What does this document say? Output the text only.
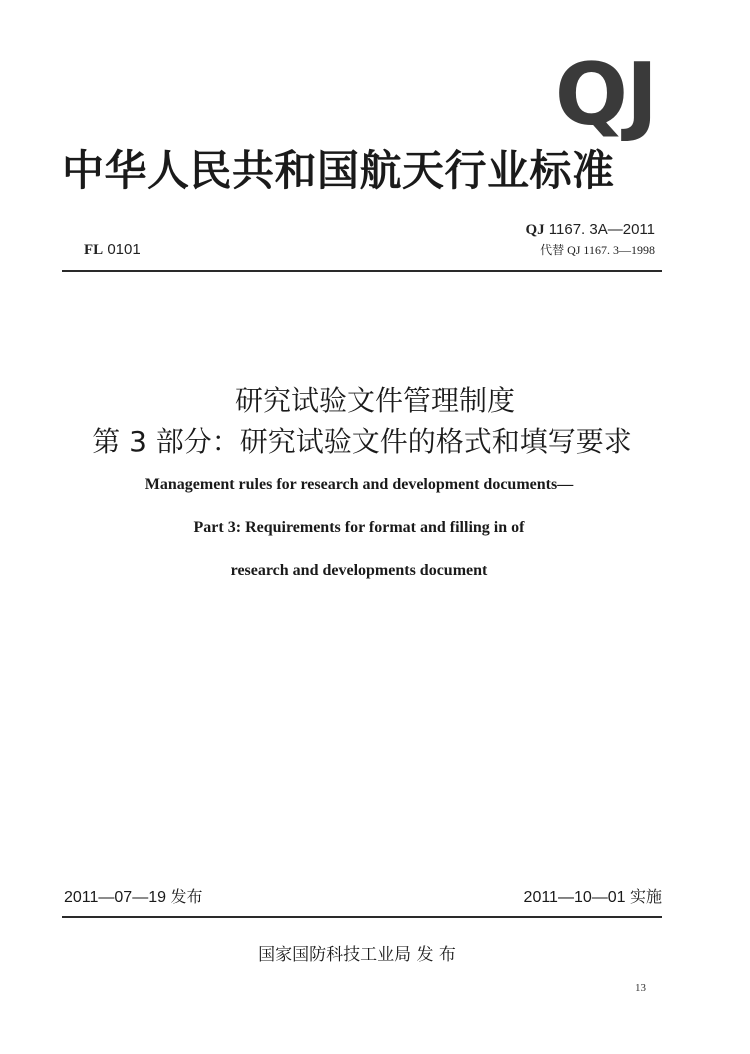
QJ
中华人民共和国航天行业标准
QJ 1167. 3A—2011
代替 QJ 1167. 3—1998
FL 0101
研究试验文件管理制度
第 3 部分：研究试验文件的格式和填写要求
Management rules for research and development documents—
Part 3: Requirements for format and filling in of
research and developments document
2011—07—19 发布	2011—10—01 实施
国家国防科技工业局 发 布
13
